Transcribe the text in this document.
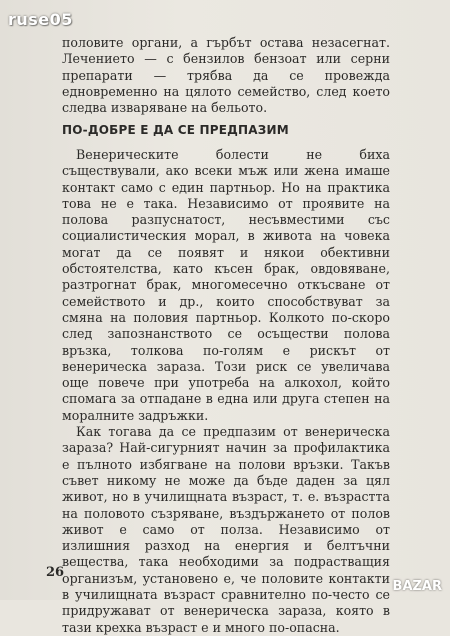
ruse05

половите органи, а гърбът остава незасегнат. Лечението — с бензилов бензоат или серни препарати — трябва да се провежда едновременно на цялото семейство, след което следва изваряване на бельото.

ПО-ДОБРЕ Е ДА СЕ ПРЕДПАЗИМ

Венерическите болести не биха съществували, ако всеки мъж или жена имаше контакт само с един партньор. Но на практика това не е така. Независимо от проявите на полова разпуснатост, несъвместими със социалистическия морал, в живота на човека могат да се появят и някои обективни обстоятелства, като късен брак, овдовяване, разтрогнат брак, многомесечно откъсване от семейството и др., които способствуват за смяна на половия партньор. Колкото по-скоро след запознанството се осъществи полова връзка, толкова по-голям е рискът от венерическа зараза. Този риск се увеличава още повече при употреба на алкохол, който спомага за отпадане в една или друга степен на моралните задръжки.

Как тогава да се предпазим от венерическа зараза? Най-сигурният начин за профилактика е пълното избягване на полови връзки. Такъв съвет никому не може да бъде даден за цял живот, но в училищната възраст, т. е. възрастта на половото съзряване, въздържането от полов живот е само от полза. Независимо от излишния разход на енергия и белтъчни вещества, така необходими за подрастващия организъм, установено е, че половите контакти в училищната възраст сравнително по-често се придружават от венерическа зараза, която в тази крехка възраст е и много по-опасна.

26
BAZAR
